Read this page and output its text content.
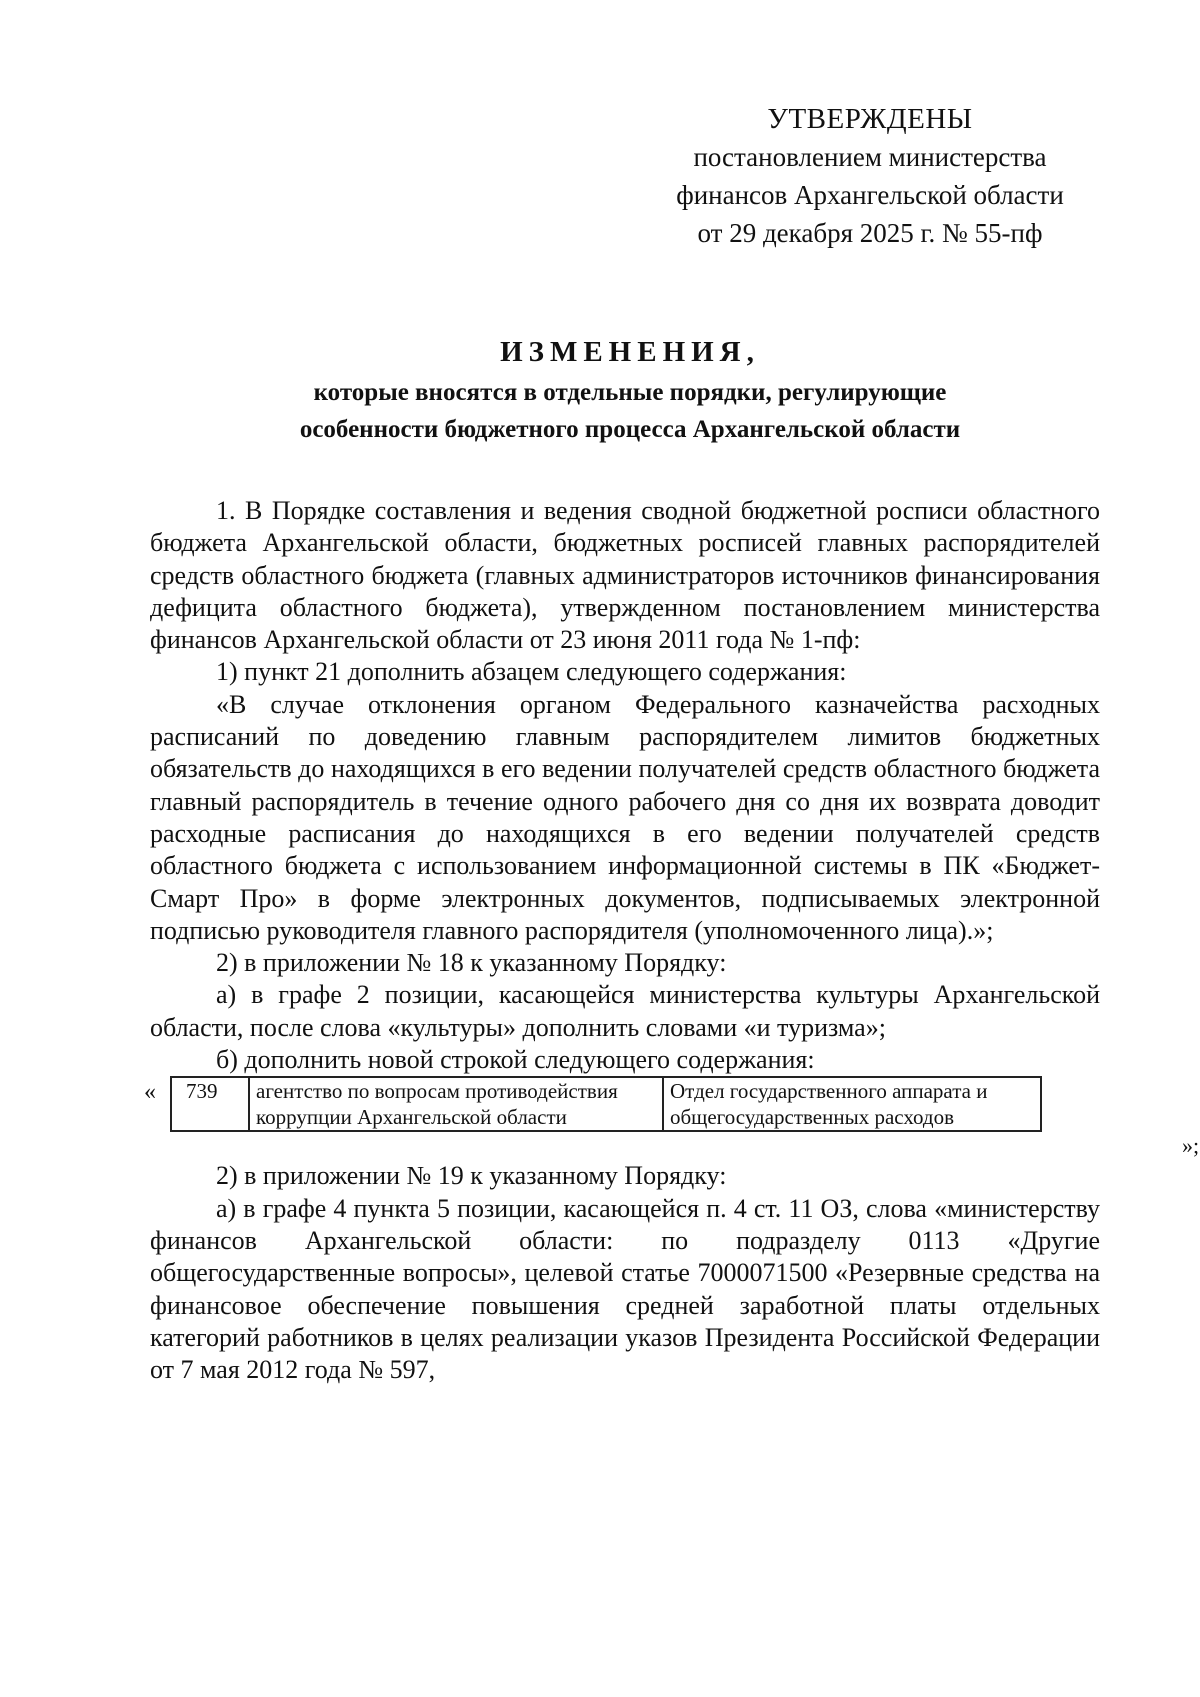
УТВЕРЖДЕНЫ
постановлением министерства
финансов Архангельской области
от 29 декабря 2025 г. № 55-пф
ИЗМЕНЕНИЯ,
которые вносятся в отдельные порядки, регулирующие
особенности бюджетного процесса Архангельской области

1. В Порядке составления и ведения сводной бюджетной росписи областного бюджета Архангельской области, бюджетных росписей главных распорядителей средств областного бюджета (главных администраторов источников финансирования дефицита областного бюджета), утвержденном постановлением министерства финансов Архангельской области от 23 июня 2011 года № 1-пф:

1) пункт 21 дополнить абзацем следующего содержания:

«В случае отклонения органом Федерального казначейства расходных расписаний по доведению главным распорядителем лимитов бюджетных обязательств до находящихся в его ведении получателей средств областного бюджета главный распорядитель в течение одного рабочего дня со дня их возврата доводит расходные расписания до находящихся в его ведении получателей средств областного бюджета с использованием информационной системы в ПК «Бюджет-Смарт Про» в форме электронных документов, подписываемых электронной подписью руководителя главного распорядителя (уполномоченного лица).»;

2) в приложении № 18 к указанному Порядку:

а) в графе 2 позиции, касающейся министерства культуры Архангельской области, после слова «культуры» дополнить словами «и туризма»;

б) дополнить новой строкой следующего содержания:

« 739	агентство по вопросам противодействия коррупции Архангельской области	Отдел государственного аппарата и общегосударственных расходов
»;

2) в приложении № 19 к указанному Порядку:

а) в графе 4 пункта 5 позиции, касающейся п. 4 ст. 11 ОЗ, слова «министерству финансов Архангельской области: по подразделу 0113 «Другие общегосударственные вопросы», целевой статье 7000071500 «Резервные средства на финансовое обеспечение повышения средней заработной платы отдельных категорий работников в целях реализации указов Президента Российской Федерации от 7 мая 2012 года № 597,
